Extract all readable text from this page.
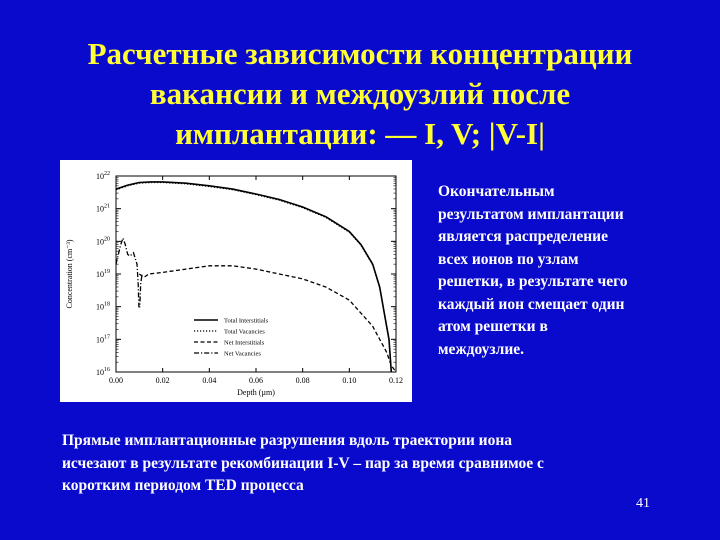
Расчетные зависимости концентрации
вакансии и междоузлий после
имплантации: — I, V; |V-I|
0.00	0.02	0.04	0.06	0.08	0.10	0.12
$10^{16}$
$10^{17}$
$10^{18}$
$10^{19}$
$10^{20}$
$10^{21}$
$10^{22}$
Depth (µm)
Concentration (cm⁻³)
Total Interstitials
Total Vacancies
Net Interstitials
Net Vacancies
Окончательным
результатом имплантации
является распределение
всех ионов по узлам
решетки, в результате чего
каждый ион смещает один
атом решетки в
междоузлие.
Прямые имплантационные разрушения вдоль траектории иона
исчезают в результате рекомбинации I-V – пар за время сравнимое с
коротким периодом TED процесса
41
